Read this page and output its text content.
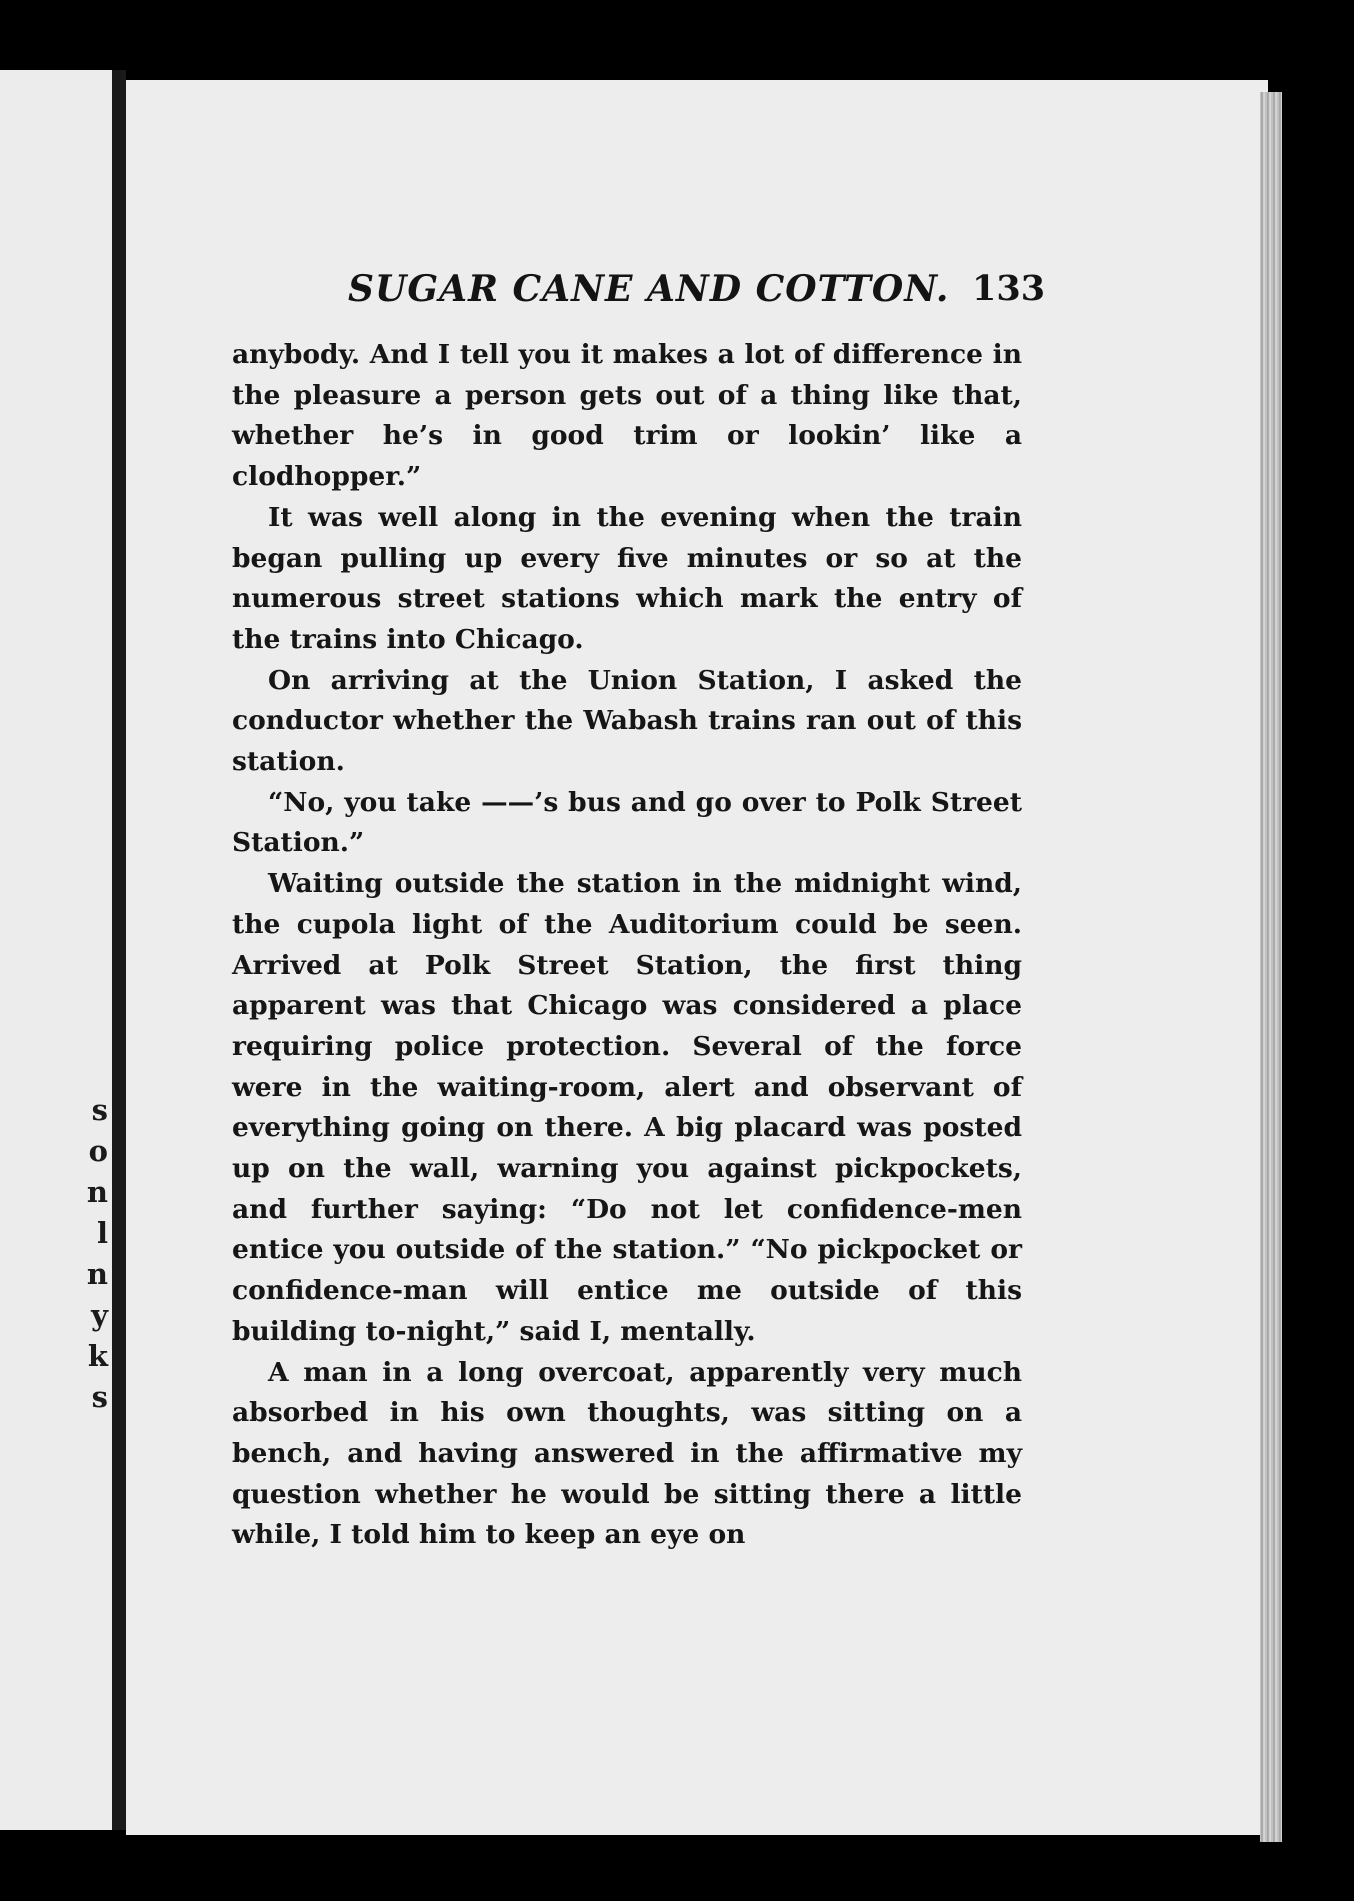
s
o
n
l
n
y
k
s
SUGAR CANE AND COTTON. 133

anybody. And I tell you it makes a lot of difference in the pleasure a person gets out of a thing like that, whether he’s in good trim or lookin’ like a clodhopper.”

It was well along in the evening when the train began pulling up every five minutes or so at the numerous street stations which mark the entry of the trains into Chicago.

On arriving at the Union Station, I asked the conductor whether the Wabash trains ran out of this station.

“No, you take ——’s bus and go over to Polk Street Station.”

Waiting outside the station in the midnight wind, the cupola light of the Auditorium could be seen. Arrived at Polk Street Station, the first thing apparent was that Chicago was considered a place requiring police protection. Several of the force were in the waiting-room, alert and observant of everything going on there. A big placard was posted up on the wall, warning you against pickpockets, and further saying: “Do not let confidence-men entice you outside of the station.” “No pickpocket or confidence-man will entice me outside of this building to-night,” said I, mentally.

A man in a long overcoat, apparently very much absorbed in his own thoughts, was sitting on a bench, and having answered in the affirmative my question whether he would be sitting there a little while, I told him to keep an eye on
